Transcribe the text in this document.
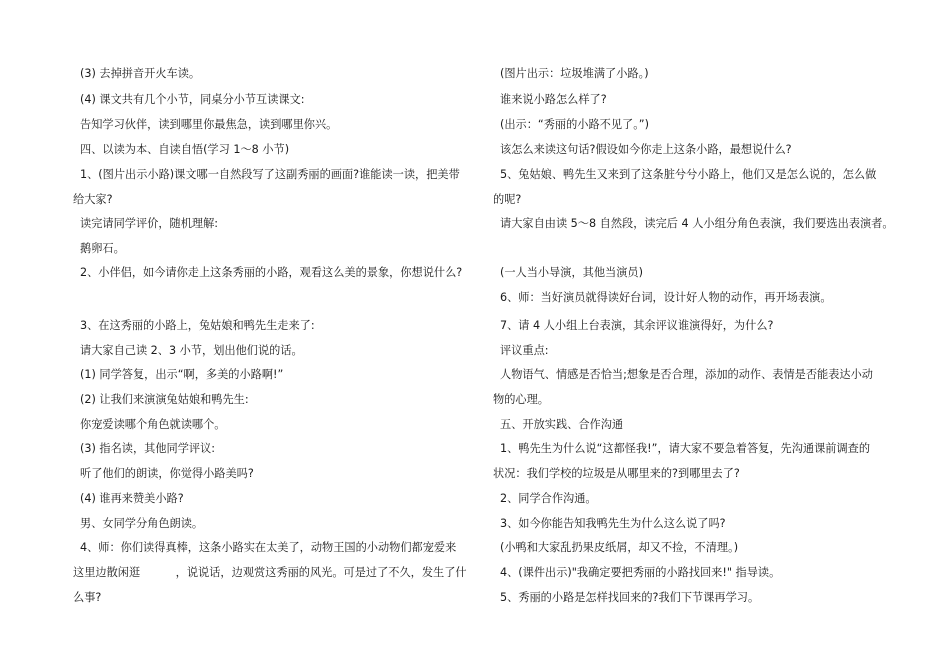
(3) 去掉拼音开火车读。
(4) 课文共有几个小节，同桌分小节互读课文:
告知学习伙伴，读到哪里你最焦急，读到哪里你兴。
四、以读为本、自读自悟(学习 1～8 小节)
1、(图片出示小路)课文哪一自然段写了这副秀丽的画面?谁能读一读，把美带
给大家?
读完请同学评价，随机理解:
鹅卵石。
2、小伴侣，如今请你走上这条秀丽的小路，观看这么美的景象，你想说什么?
3、在这秀丽的小路上，兔姑娘和鸭先生走来了:
请大家自己读 2、3 小节，划出他们说的话。
(1) 同学答复，出示“啊，多美的小路啊!”
(2) 让我们来演演兔姑娘和鸭先生:
你宠爱读哪个角色就读哪个。
(3) 指名读，其他同学评议:
听了他们的朗读，你觉得小路美吗?
(4) 谁再来赞美小路?
男、女同学分角色朗读。
4、师：你们读得真棒，这条小路实在太美了，动物王国的小动物们都宠爱来
这里边散闲逛          ，说说话，边观赏这秀丽的风光。可是过了不久，发生了什
么事?
(图片出示：垃圾堆满了小路。)
谁来说小路怎么样了?
(出示：“秀丽的小路不见了。”)
该怎么来读这句话?假设如今你走上这条小路，最想说什么?
5、兔姑娘、鸭先生又来到了这条脏兮兮小路上，他们又是怎么说的，怎么做
的呢?
请大家自由读 5～8 自然段，读完后 4 人小组分角色表演，我们要选出表演者。
(一人当小导演，其他当演员)
6、师：当好演员就得读好台词，设计好人物的动作，再开场表演。
7、请 4 人小组上台表演，其余评议谁演得好，为什么?
评议重点:
人物语气、情感是否恰当;想象是否合理，添加的动作、表情是否能表达小动
物的心理。
五、开放实践、合作沟通
1、鸭先生为什么说“这都怪我!”，请大家不要急着答复，先沟通课前调查的
状况：我们学校的垃圾是从哪里来的?到哪里去了?
2、同学合作沟通。
3、如今你能告知我鸭先生为什么这么说了吗?
(小鸭和大家乱扔果皮纸屑，却又不捡，不清理。)
4、(课件出示)"我确定要把秀丽的小路找回来!" 指导读。
5、秀丽的小路是怎样找回来的?我们下节课再学习。
